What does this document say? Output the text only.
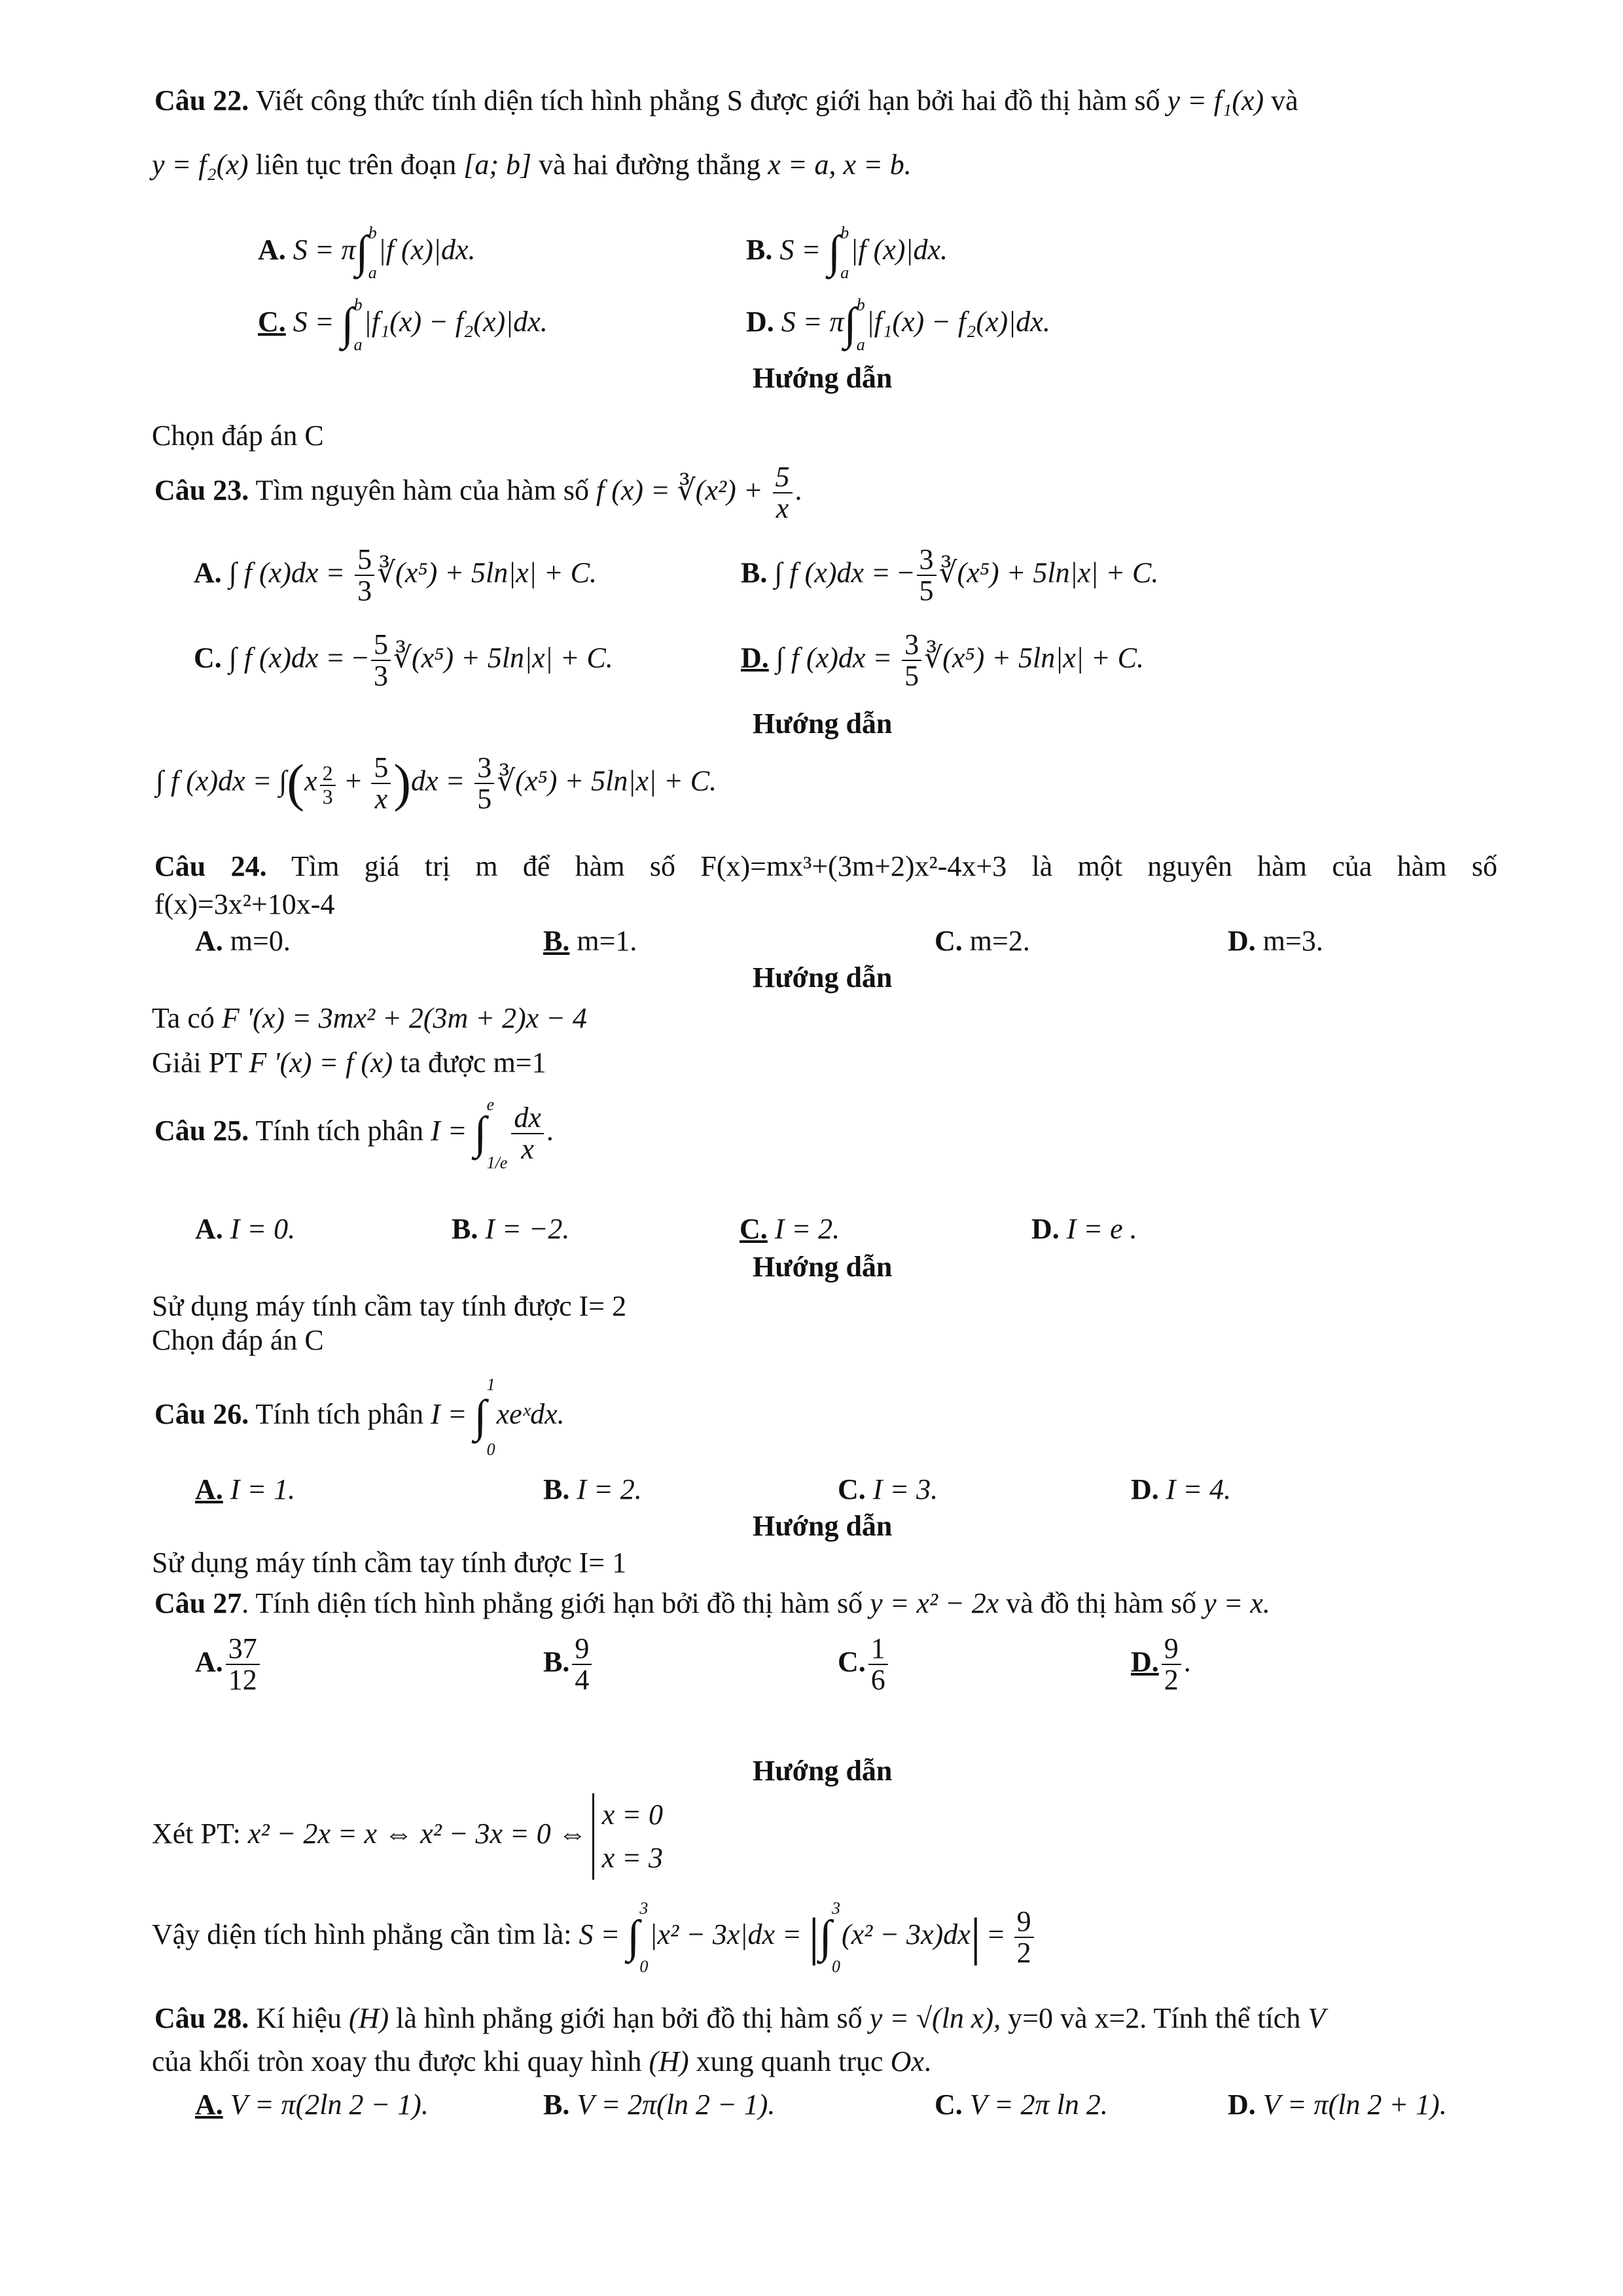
Câu 22. Viết công thức tính diện tích hình phẳng S được giới hạn bởi hai đồ thị hàm số y = f₁(x) và
y = f₂(x) liên tục trên đoạn [a; b] và hai đường thẳng x = a, x = b.
A. S = π∫ b
a
|f (x)|dx.	B. S = ∫ b
a
|f (x)|dx.
C. S = ∫ b
a
|f₁(x) − f₂(x)|dx.	D. S = π∫ b
a
|f₁(x) − f₂(x)|dx.
Hướng dẫn
Chọn đáp án C
Câu 23. Tìm nguyên hàm của hàm số f (x) = ∛(x²) + $\frac{5}{x}$ .
A. ∫ f $(x)dx = \frac{5}{3}$ ∛(x⁵) + 5ln|x| + C.	B. ∫ f (x)dx = − $\frac{3}{5}$ ∛(x⁵) + 5ln|x| + C.
C. ∫ f (x)dx = − $\frac{5}{3}$ ∛(x⁵) + 5ln|x| + C.	D. ∫ f $(x)dx = \frac{3}{5}$ ∛(x⁵) + 5ln|x| + C.
Hướng dẫn
∫ f $(x)dx = \int(x \frac{2}{3} + \frac{5}{x} )dx = \frac{3}{5}$ ∛(x⁵) + 5ln|x| + C.
Câu 24. Tìm giá trị m để hàm số F(x)=mx³+(3m+2)x²-4x+3 là một nguyên hàm của hàm số
f(x)=3x²+10x-4
A. m=0.	B. m=1.	C. m=2.	D. m=3.
Hướng dẫn
Ta có F '(x) = 3mx² + 2(3m + 2)x − 4
Giải PT F '(x) = f (x) ta được m=1
Câu 25. Tính tích phân I = ∫
e
$1/e \frac{dx}{x}$ .
A. I = 0.	B. I = −2.	C. I = 2.	D. I = e .
Hướng dẫn
Sử dụng máy tính cầm tay tính được I= 2
Chọn đáp án C
Câu 26. Tính tích phân I = ∫
1
0
xeˣdx.
A. I = 1.	B. I = 2.	C. I = 3.	D. I = 4.
Hướng dẫn
Sử dụng máy tính cầm tay tính được I= 1
Câu 27. Tính diện tích hình phẳng giới hạn bởi đồ thị hàm số y = x² − 2x và đồ thị hàm số y = x.
A. $\frac{37}{12}$	B. $\frac{9}{4}$	C. $\frac{1}{6}$	D. $\frac{9}{2}$ .
Hướng dẫn
Xét PT: x² − 2x = x ⇔ x² − 3x = 0 ⇔
x = 0
x = 3
Vậy diện tích hình phẳng cần tìm là: S = ∫
3
0
|x² − 3x|dx = |∫
3
0
$(x^2 - 3x)dx| = \frac{9}{2}$
Câu 28. Kí hiệu (H) là hình phẳng giới hạn bởi đồ thị hàm số y = √(ln x), y=0 và x=2. Tính thể tích V
của khối tròn xoay thu được khi quay hình (H) xung quanh trục Ox.
A. V = π(2ln 2 − 1).	B. V = 2π(ln 2 − 1).	C. V = 2π ln 2.	D. V = π(ln 2 + 1).
